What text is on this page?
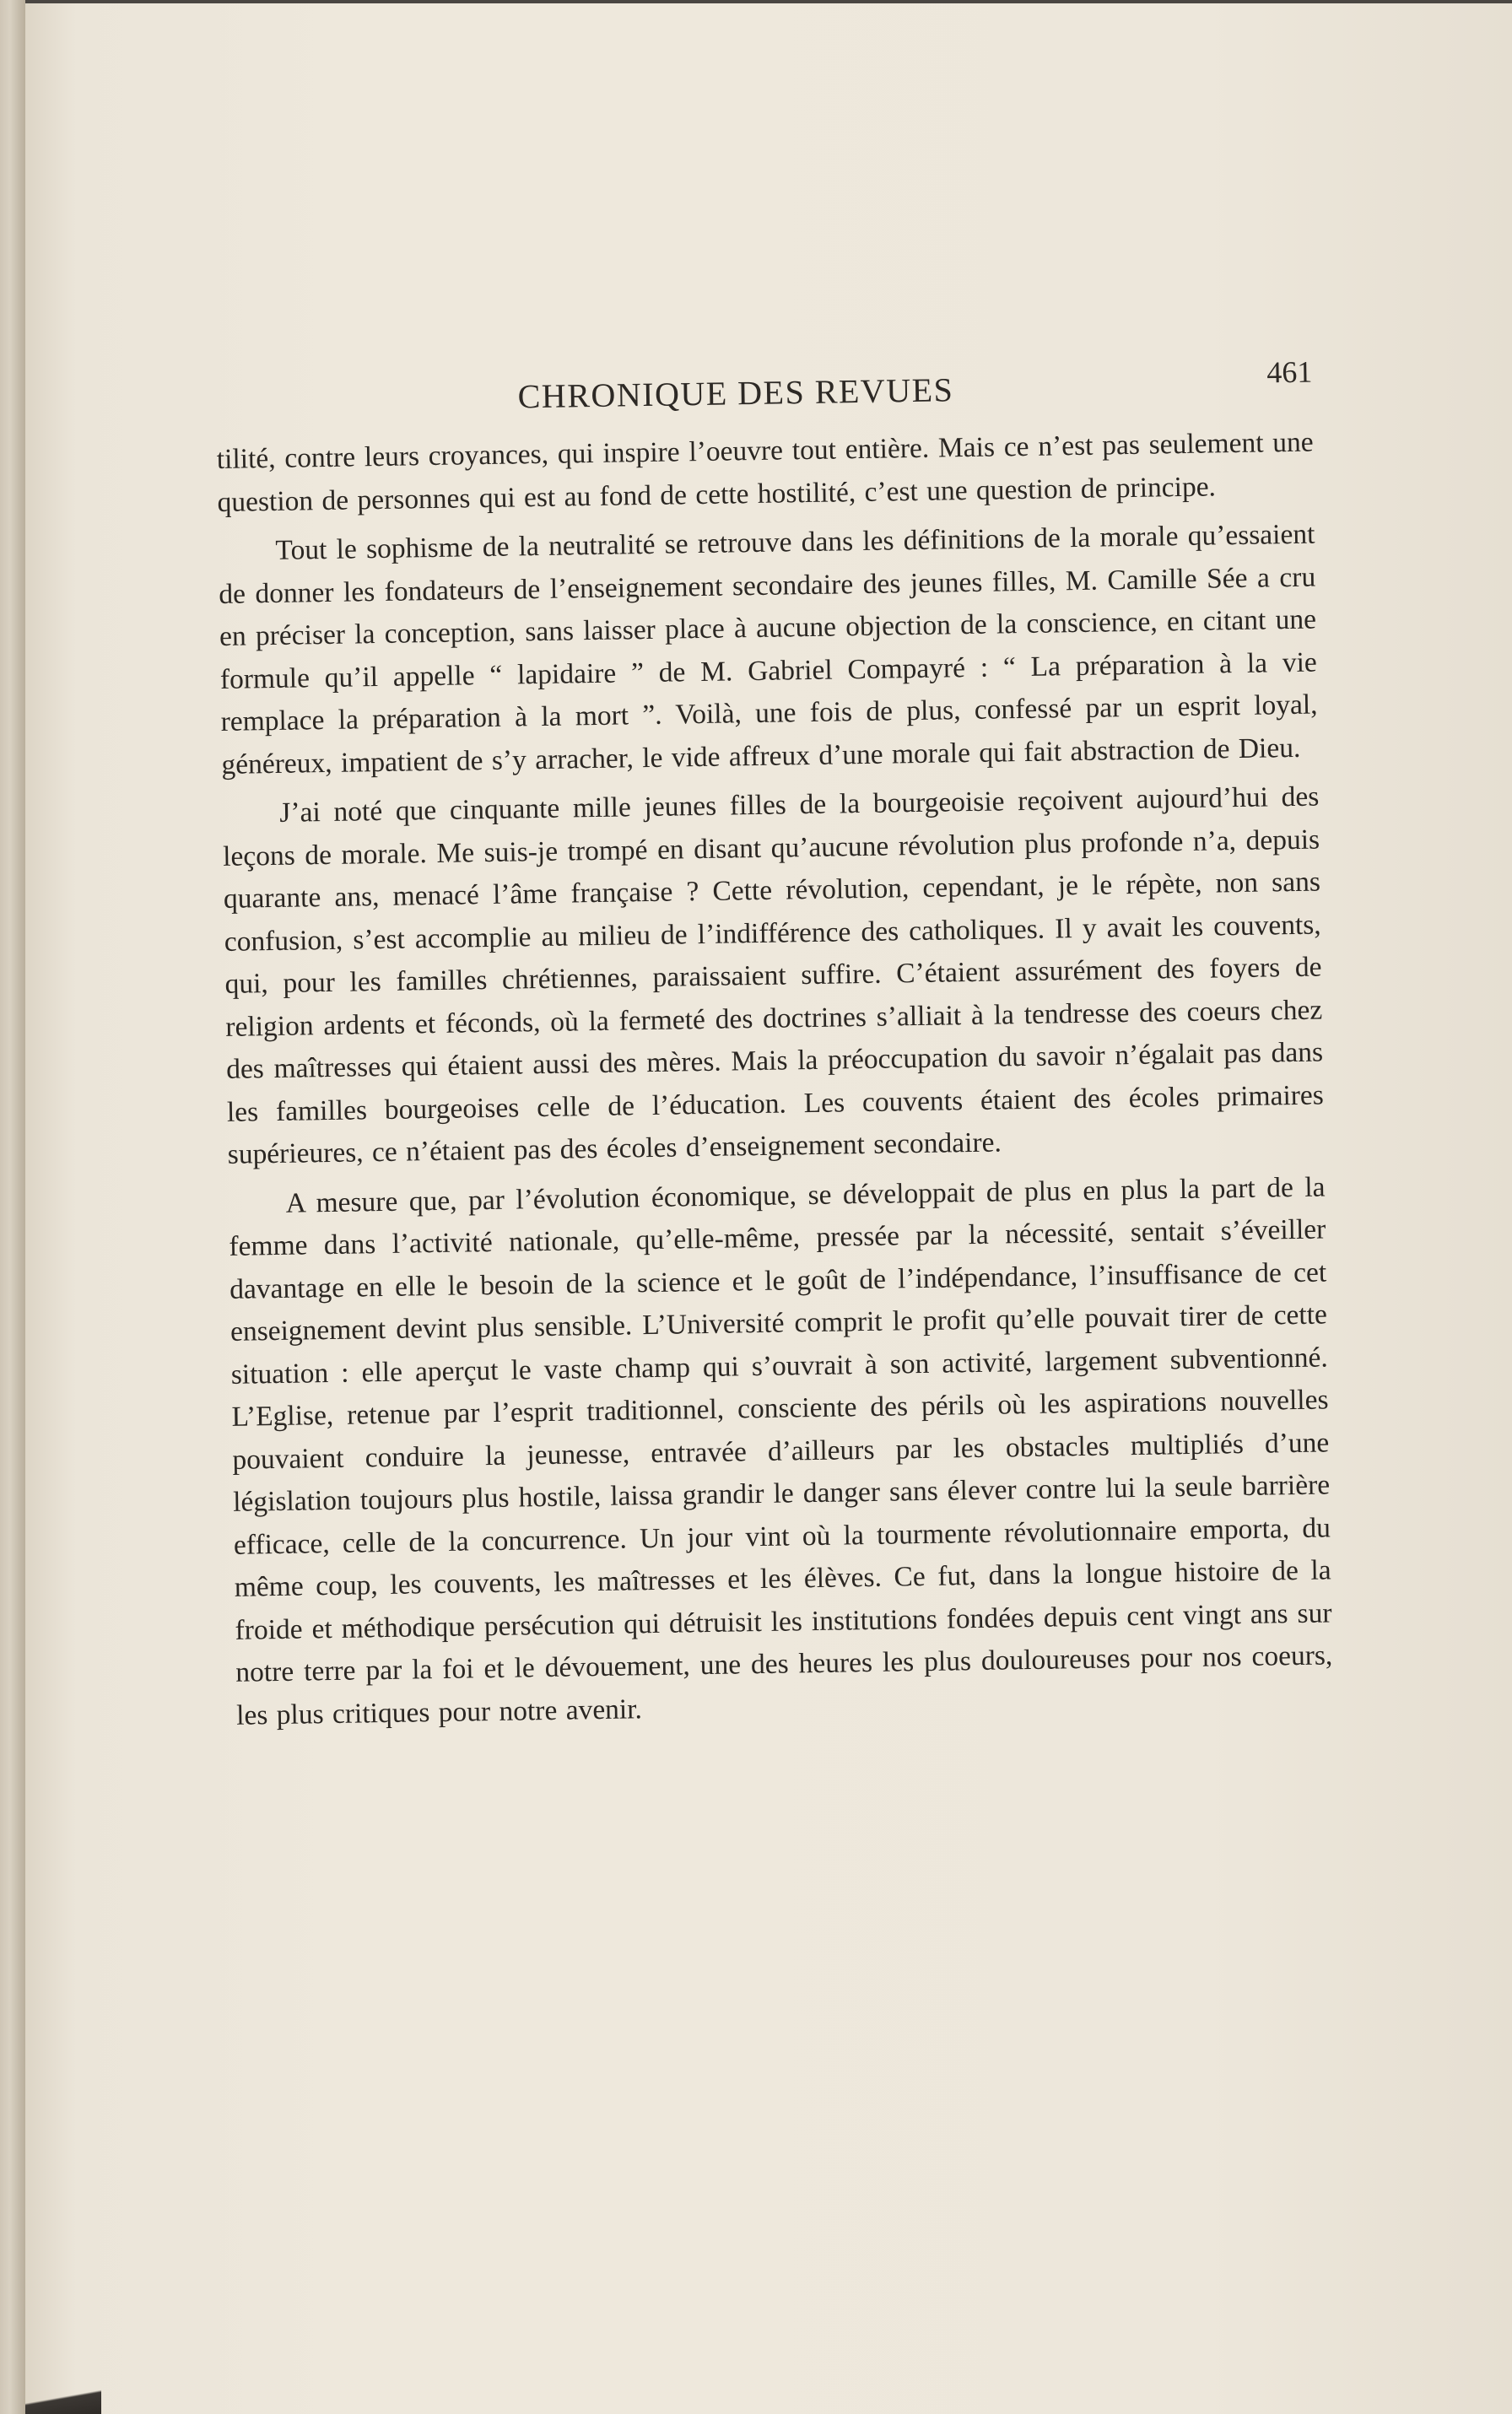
CHRONIQUE DES REVUES	461

tilité, contre leurs croyances, qui inspire l’oeuvre tout entière. Mais ce n’est pas seulement une question de personnes qui est au fond de cette hostilité, c’est une question de principe.

Tout le sophisme de la neutralité se retrouve dans les définitions de la morale qu’essaient de donner les fondateurs de l’enseignement secondaire des jeunes filles, M. Camille Sée a cru en préciser la conception, sans laisser place à aucune objection de la conscience, en citant une formule qu’il appelle “ lapidaire ” de M. Gabriel Compayré : “ La préparation à la vie remplace la préparation à la mort ”. Voilà, une fois de plus, confessé par un esprit loyal, généreux, impatient de s’y arracher, le vide affreux d’une morale qui fait abstraction de Dieu.

J’ai noté que cinquante mille jeunes filles de la bourgeoisie reçoivent aujourd’hui des leçons de morale. Me suis-je trompé en disant qu’aucune révolution plus profonde n’a, depuis quarante ans, menacé l’âme française ? Cette révolution, cependant, je le répète, non sans confusion, s’est accomplie au milieu de l’indifférence des catholiques. Il y avait les couvents, qui, pour les familles chrétiennes, paraissaient suffire. C’étaient assurément des foyers de religion ardents et féconds, où la fermeté des doctrines s’alliait à la tendresse des coeurs chez des maîtresses qui étaient aussi des mères. Mais la préoccupation du savoir n’égalait pas dans les familles bourgeoises celle de l’éducation. Les couvents étaient des écoles primaires supérieures, ce n’étaient pas des écoles d’enseignement secondaire.

A mesure que, par l’évolution économique, se développait de plus en plus la part de la femme dans l’activité nationale, qu’elle-même, pressée par la nécessité, sentait s’éveiller davantage en elle le besoin de la science et le goût de l’indépendance, l’insuffisance de cet enseignement devint plus sensible. L’Université comprit le profit qu’elle pouvait tirer de cette situation : elle aperçut le vaste champ qui s’ouvrait à son activité, largement subventionné. L’Eglise, retenue par l’esprit traditionnel, consciente des périls où les aspirations nouvelles pouvaient conduire la jeunesse, entravée d’ailleurs par les obstacles multipliés d’une législation toujours plus hostile, laissa grandir le danger sans élever contre lui la seule barrière efficace, celle de la concurrence. Un jour vint où la tourmente révolutionnaire emporta, du même coup, les couvents, les maîtresses et les élèves. Ce fut, dans la longue histoire de la froide et méthodique persécution qui détruisit les institutions fondées depuis cent vingt ans sur notre terre par la foi et le dévouement, une des heures les plus douloureuses pour nos coeurs, les plus critiques pour notre avenir.
